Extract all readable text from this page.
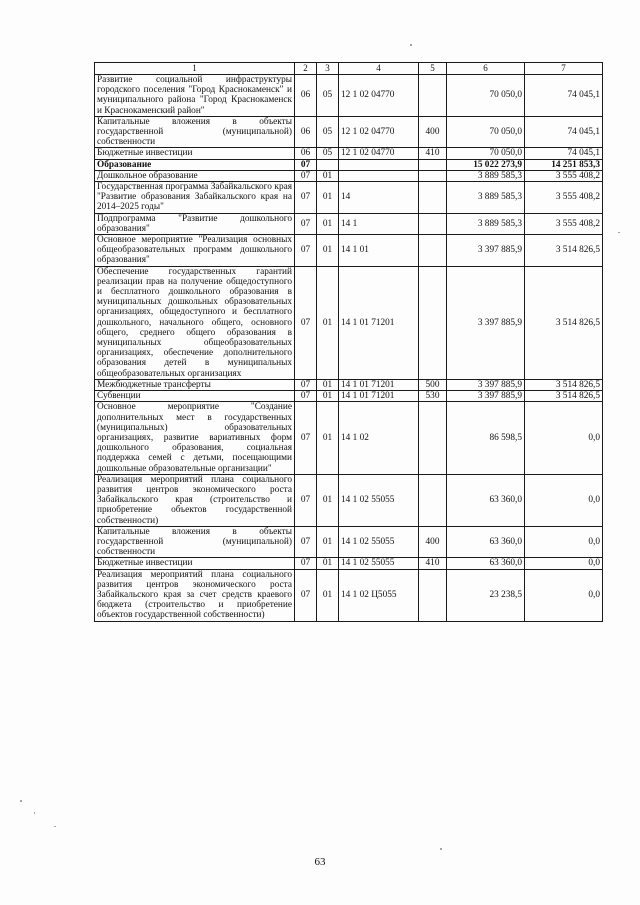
1	2	3	4	5	6	7
Развитие социальной инфраструктуры городского поселения "Город Краснокаменск" и муниципального района "Город Краснокаменск и Краснокаменский район"	06	05	12 1 02 04770		70 050,0	74 045,1
Капитальные вложения в объекты государственной (муниципальной) собственности	06	05	12 1 02 04770	400	70 050,0	74 045,1
Бюджетные инвестиции	06	05	12 1 02 04770	410	70 050,0	74 045,1
Образование	07				15 022 273,9	14 251 853,3
Дошкольное образование	07	01			3 889 585,3	3 555 408,2
Государственная программа Забайкальского края "Развитие образования Забайкальского края на 2014–2025 годы"	07	01	14		3 889 585,3	3 555 408,2
Подпрограмма "Развитие дошкольного образования"	07	01	14 1		3 889 585,3	3 555 408,2
Основное мероприятие "Реализация основных общеобразовательных программ дошкольного образования"	07	01	14 1 01		3 397 885,9	3 514 826,5
Обеспечение государственных гарантий реализации прав на получение общедоступного и бесплатного дошкольного образования в муниципальных дошкольных образовательных организациях, общедоступного и бесплатного дошкольного, начального общего, основного общего, среднего общего образования в муниципальных общеобразовательных организациях, обеспечение дополнительного образования детей в муниципальных общеобразовательных организациях	07	01	14 1 01 71201		3 397 885,9	3 514 826,5
Межбюджетные трансферты	07	01	14 1 01 71201	500	3 397 885,9	3 514 826,5
Субвенции	07	01	14 1 01 71201	530	3 397 885,9	3 514 826,5
Основное мероприятие "Создание дополнительных мест в государственных (муниципальных) образовательных организациях, развитие вариативных форм дошкольного образования, социальная поддержка семей с детьми, посещающими дошкольные образовательные организации"	07	01	14 1 02		86 598,5	0,0
Реализация мероприятий плана социального развития центров экономического роста Забайкальского края (строительство и приобретение объектов государственной собственности)	07	01	14 1 02 55055		63 360,0	0,0
Капитальные вложения в объекты государственной (муниципальной) собственности	07	01	14 1 02 55055	400	63 360,0	0,0
Бюджетные инвестиции	07	01	14 1 02 55055	410	63 360,0	0,0
Реализация мероприятий плана социального развития центров экономического роста Забайкальского края за счет средств краевого бюджета (строительство и приобретение объектов государственной собственности)	07	01	14 1 02 Ц5055		23 238,5	0,0
63
